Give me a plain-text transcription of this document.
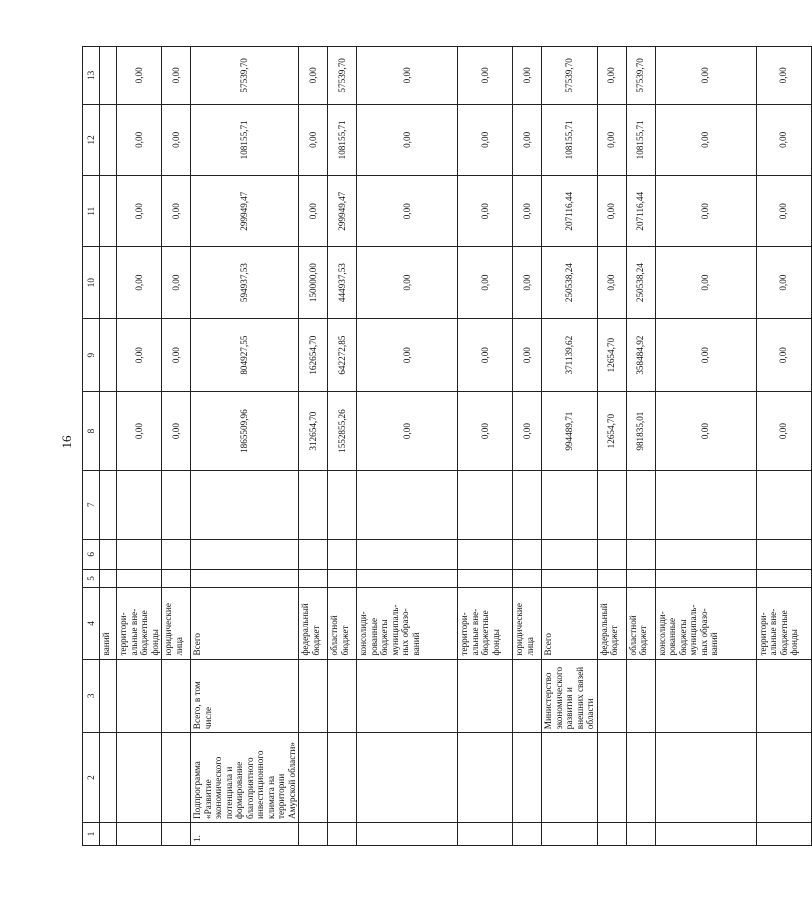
16
1	2	3	4	5	6	7	8	9	10	11	12	13
			ваний									
			территори-альные вне-бюджетные фонды				0,00	0,00	0,00	0,00	0,00	0,00
			юридические лица				0,00	0,00	0,00	0,00	0,00	0,00
1.	Подпрограмма «Развитие экономического потенциала и формирование благоприятного инвестиционного климата на территории Амурской области»	Всего, в том числе	Всего				1865509,96	804927,55	594937,53	299949,47	108155,71	57539,70
			федеральный бюджет				312654,70	162654,70	150000,00	0,00	0,00	0,00
			областной бюджет				1552855,26	642272,85	444937,53	299949,47	108155,71	57539,70
			консолиди-рованные бюджеты муниципаль-ных образо-ваний				0,00	0,00	0,00	0,00	0,00	0,00
			территори-альные вне-бюджетные фонды				0,00	0,00	0,00	0,00	0,00	0,00
			юридические лица				0,00	0,00	0,00	0,00	0,00	0,00
		Министерство экономического развития и внешних связей области	Всего				994489,71	371139,62	250538,24	207116,44	108155,71	57539,70
			федеральный бюджет				12654,70	12654,70	0,00	0,00	0,00	0,00
			областной бюджет				981835,01	358484,92	250538,24	207116,44	108155,71	57539,70
			консолиди-рованные бюджеты муниципаль-ных образо-ваний				0,00	0,00	0,00	0,00	0,00	0,00
			территори-альные вне-бюджетные фонды				0,00	0,00	0,00	0,00	0,00	0,00
